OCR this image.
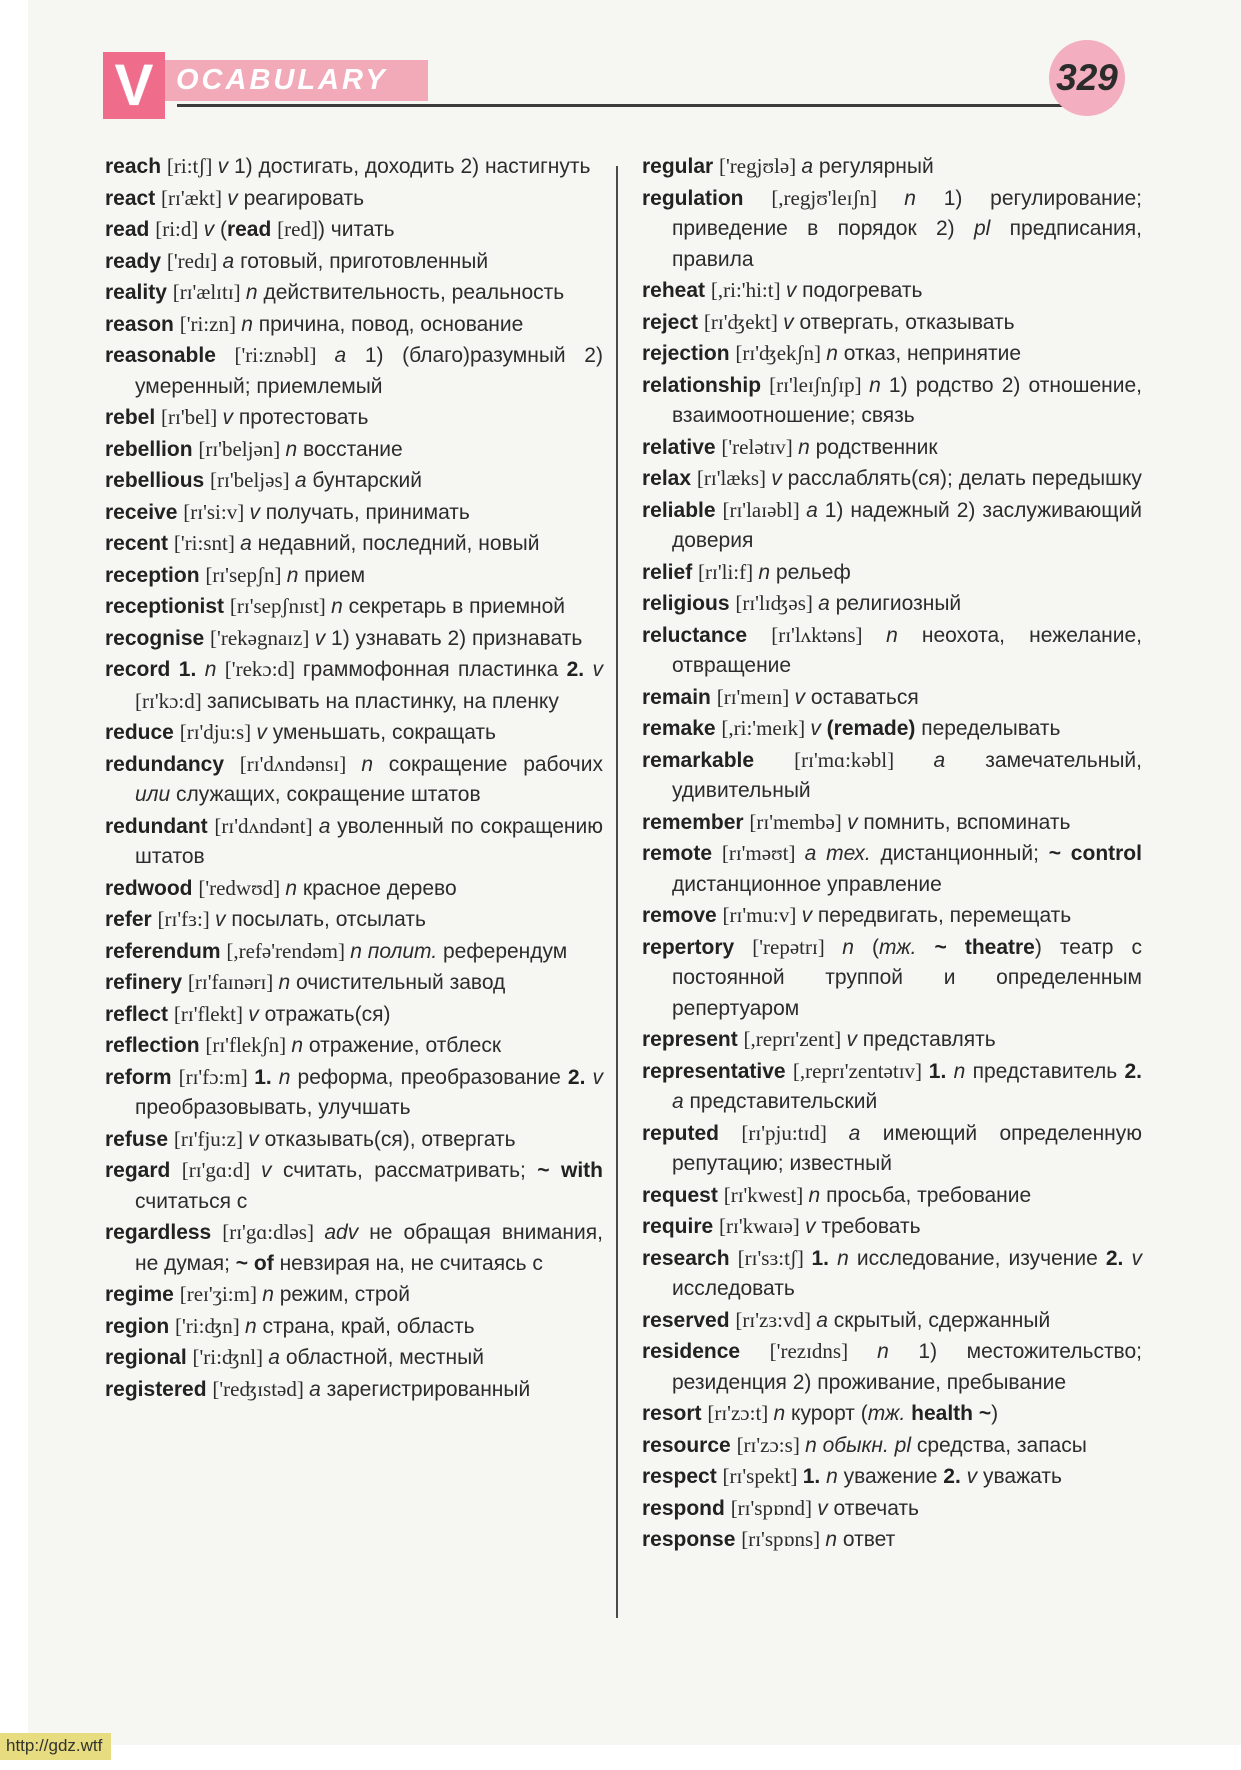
OCABULARY
V	329
reach [ri:tʃ] v 1) достигать, доходить 2) настигнуть
react [rɪ'ækt] v реагировать
read [ri:d] v (read [red]) читать
ready ['redɪ] a готовый, приготовленный
reality [rɪ'ælɪtɪ] n действительность, реальность
reason ['ri:zn] n причина, повод, основание
reasonable ['ri:znəbl] a 1) (благо)разумный 2) умеренный; приемлемый
rebel [rɪ'bel] v протестовать
rebellion [rɪ'beljən] n восстание
rebellious [rɪ'beljəs] a бунтарский
receive [rɪ'si:v] v получать, принимать
recent ['ri:snt] a недавний, последний, новый
reception [rɪ'sepʃn] n прием
receptionist [rɪ'sepʃnɪst] n секретарь в приемной
recognise ['rekəgnaɪz] v 1) узнавать 2) признавать
record 1. n ['rekɔ:d] граммофонная пластинка 2. v [rɪ'kɔ:d] записывать на пластинку, на пленку
reduce [rɪ'dju:s] v уменьшать, сокращать
redundancy [rɪ'dʌndənsɪ] n сокращение рабочих или служащих, сокращение штатов
redundant [rɪ'dʌndənt] a уволенный по сокращению штатов
redwood ['redwʊd] n красное дерево
refer [rɪ'fɜ:] v посылать, отсылать
referendum [,refə'rendəm] n полит. референдум
refinery [rɪ'faɪnərɪ] n очистительный завод
reflect [rɪ'flekt] v отражать(ся)
reflection [rɪ'flekʃn] n отражение, отблеск
reform [rɪ'fɔ:m] 1. n реформа, преобразование 2. v преобразовывать, улучшать
refuse [rɪ'fju:z] v отказывать(ся), отвергать
regard [rɪ'gɑ:d] v считать, рассматривать; ~ with считаться с
regardless [rɪ'gɑ:dləs] adv не обращая внимания, не думая; ~ of невзирая на, не считаясь с
regime [reɪ'ʒi:m] n режим, строй
region ['ri:ʤn] n страна, край, область
regional ['ri:ʤnl] a областной, местный
registered ['reʤɪstəd] a зарегистрированный
regular ['regjʊlə] a регулярный
regulation [,regjʊ'leɪʃn] n 1) регулирование; приведение в порядок 2) pl предписания, правила
reheat [,ri:'hi:t] v подогревать
reject [rɪ'ʤekt] v отвергать, отказывать
rejection [rɪ'ʤekʃn] n отказ, непринятие
relationship [rɪ'leɪʃnʃɪp] n 1) родство 2) отношение, взаимоотношение; связь
relative ['relətɪv] n родственник
relax [rɪ'læks] v расслаблять(ся); делать передышку
reliable [rɪ'laɪəbl] a 1) надежный 2) заслуживающий доверия
relief [rɪ'li:f] n рельеф
religious [rɪ'lɪʤəs] a религиозный
reluctance [rɪ'lʌktəns] n неохота, нежелание, отвращение
remain [rɪ'meɪn] v оставаться
remake [,ri:'meɪk] v (remade) переделывать
remarkable [rɪ'mɑ:kəbl] a замечательный, удивительный
remember [rɪ'membə] v помнить, вспоминать
remote [rɪ'məʊt] a тех. дистанционный; ~ control дистанционное управление
remove [rɪ'mu:v] v передвигать, перемещать
repertory ['repətrɪ] n (тж. ~ theatre) театр с постоянной труппой и определенным репертуаром
represent [,reprɪ'zent] v представлять
representative [,reprɪ'zentətɪv] 1. n представитель 2. a представительский
reputed [rɪ'pju:tɪd] a имеющий определенную репутацию; известный
request [rɪ'kwest] n просьба, требование
require [rɪ'kwaɪə] v требовать
research [rɪ'sɜ:tʃ] 1. n исследование, изучение 2. v исследовать
reserved [rɪ'zɜ:vd] a скрытый, сдержанный
residence ['rezɪdns] n 1) местожительство; резиденция 2) проживание, пребывание
resort [rɪ'zɔ:t] n курорт (тж. health ~)
resource [rɪ'zɔ:s] n обыкн. pl средства, запасы
respect [rɪ'spekt] 1. n уважение 2. v уважать
respond [rɪ'spɒnd] v отвечать
response [rɪ'spɒns] n ответ
http://gdz.wtf
